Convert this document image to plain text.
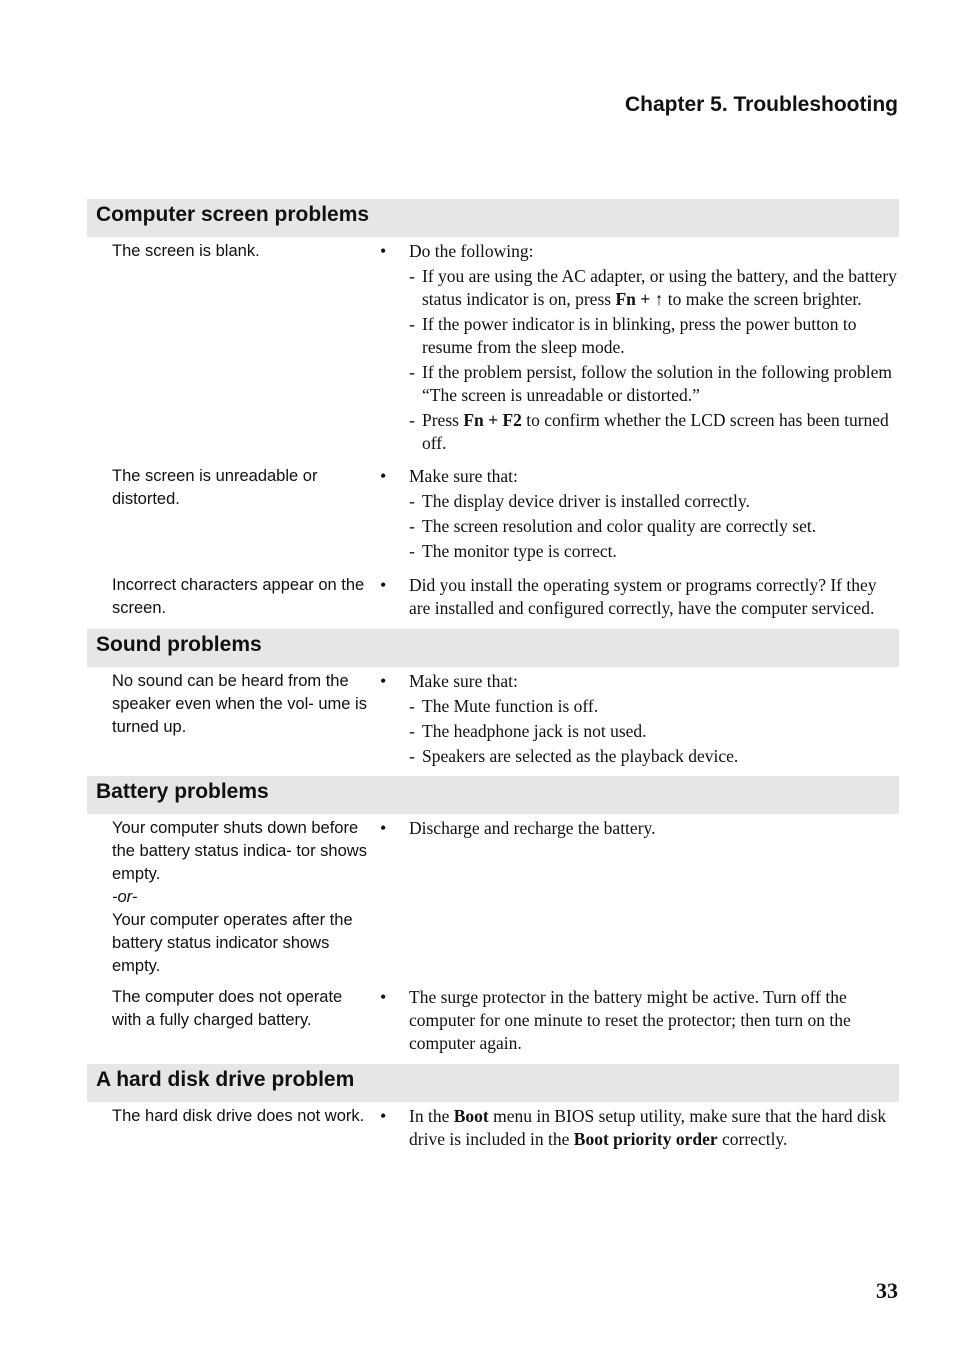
Chapter 5. Troubleshooting
Computer screen problems
The screen is blank.	• Do the following:
- If you are using the AC adapter, or using the battery, and the battery status indicator is on, press Fn + ↑ to make the screen brighter.
- If the power indicator is in blinking, press the power button to resume from the sleep mode.
- If the problem persist, follow the solution in the following problem “The screen is unreadable or distorted.”
- Press Fn + F2 to confirm whether the LCD screen has been turned off.
The screen is unreadable or distorted.
• Make sure that:
- The display device driver is installed correctly.
- The screen resolution and color quality are correctly set.
- The monitor type is correct.
Incorrect characters appear on the screen.
• Did you install the operating system or programs correctly? If they are installed and configured correctly, have the computer serviced.
Sound problems
No sound can be heard from the speaker even when the vol- ume is turned up.
• Make sure that:
- The Mute function is off.
- The headphone jack is not used.
- Speakers are selected as the playback device.
Battery problems
Your computer shuts down before the battery status indica- tor shows empty.
-or-
Your computer operates after the battery status indicator shows empty.
• Discharge and recharge the battery.
The computer does not operate with a fully charged battery.
• The surge protector in the battery might be active. Turn off the computer for one minute to reset the protector; then turn on the computer again.
A hard disk drive problem
The hard disk drive does not work. • In the Boot menu in BIOS setup utility, make sure that the hard disk drive is included in the Boot priority order correctly.
33
